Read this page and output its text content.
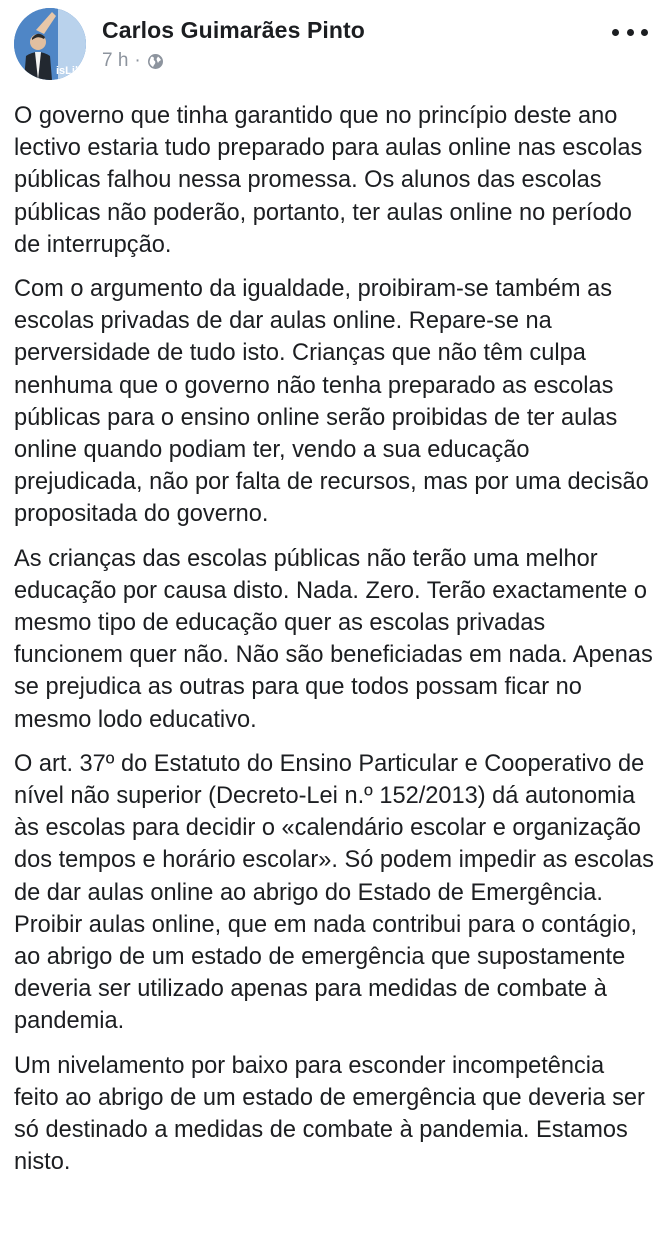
isLib
Carlos Guimarães Pinto
7 h ·

O governo que tinha garantido que no princípio deste ano lectivo estaria tudo preparado para aulas online nas escolas públicas falhou nessa promessa. Os alunos das escolas públicas não poderão, portanto, ter aulas online no período de interrupção.

Com o argumento da igualdade, proibiram-se também as escolas privadas de dar aulas online. Repare-se na perversidade de tudo isto. Crianças que não têm culpa nenhuma que o governo não tenha preparado as escolas públicas para o ensino online serão proibidas de ter aulas online quando podiam ter, vendo a sua educação prejudicada, não por falta de recursos, mas por uma decisão propositada do governo.

As crianças das escolas públicas não terão uma melhor educação por causa disto. Nada. Zero. Terão exactamente o mesmo tipo de educação quer as escolas privadas funcionem quer não. Não são beneficiadas em nada. Apenas se prejudica as outras para que todos possam ficar no mesmo lodo educativo.

O art. 37º do Estatuto do Ensino Particular e Cooperativo de nível não superior (Decreto-Lei n.º 152/2013) dá autonomia às escolas para decidir o «calendário escolar e organização dos tempos e horário escolar». Só podem impedir as escolas de dar aulas online ao abrigo do Estado de Emergência. Proibir aulas online, que em nada contribui para o contágio, ao abrigo de um estado de emergência que supostamente deveria ser utilizado apenas para medidas de combate à pandemia.

Um nivelamento por baixo para esconder incompetência feito ao abrigo de um estado de emergência que deveria ser só destinado a medidas de combate à pandemia. Estamos nisto.
